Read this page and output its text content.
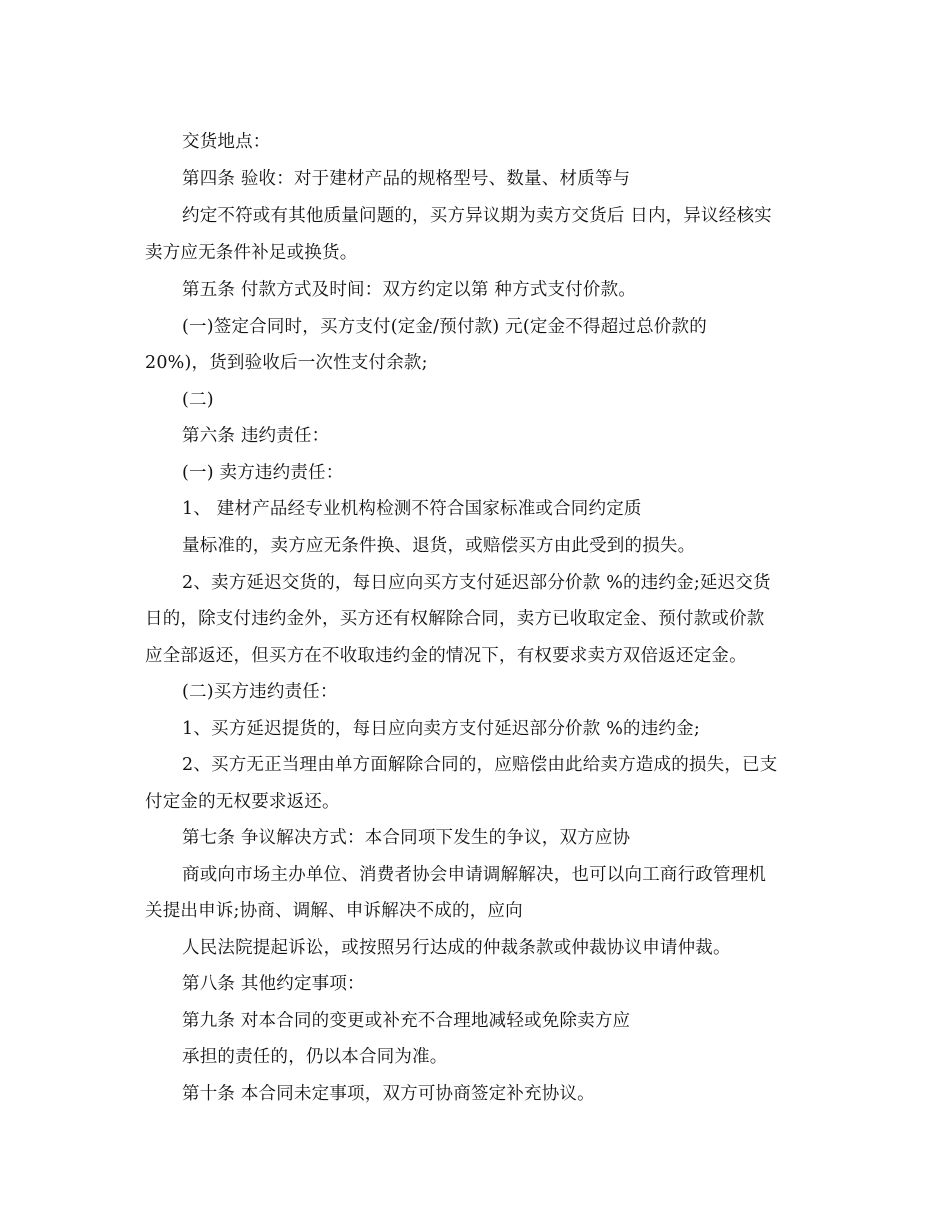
交货地点：
第四条 验收：对于建材产品的规格型号、数量、材质等与
约定不符或有其他质量问题的，买方异议期为卖方交货后 日内，异议经核实
卖方应无条件补足或换货。
第五条 付款方式及时间：双方约定以第 种方式支付价款。
(一)签定合同时，买方支付(定金/预付款) 元(定金不得超过总价款的
20%)，货到验收后一次性支付余款;
(二)
第六条 违约责任：
(一) 卖方违约责任：
1、 建材产品经专业机构检测不符合国家标准或合同约定质
量标准的，卖方应无条件换、退货，或赔偿买方由此受到的损失。
2、卖方延迟交货的，每日应向买方支付延迟部分价款 %的违约金;延迟交货
日的，除支付违约金外，买方还有权解除合同，卖方已收取定金、预付款或价款
应全部返还，但买方在不收取违约金的情况下，有权要求卖方双倍返还定金。
(二)买方违约责任：
1、买方延迟提货的，每日应向卖方支付延迟部分价款 %的违约金;
2、买方无正当理由单方面解除合同的，应赔偿由此给卖方造成的损失，已支
付定金的无权要求返还。
第七条 争议解决方式：本合同项下发生的争议，双方应协
商或向市场主办单位、消费者协会申请调解解决，也可以向工商行政管理机
关提出申诉;协商、调解、申诉解决不成的，应向
人民法院提起诉讼，或按照另行达成的仲裁条款或仲裁协议申请仲裁。
第八条 其他约定事项：
第九条 对本合同的变更或补充不合理地减轻或免除卖方应
承担的责任的，仍以本合同为准。
第十条 本合同未定事项，双方可协商签定补充协议。
